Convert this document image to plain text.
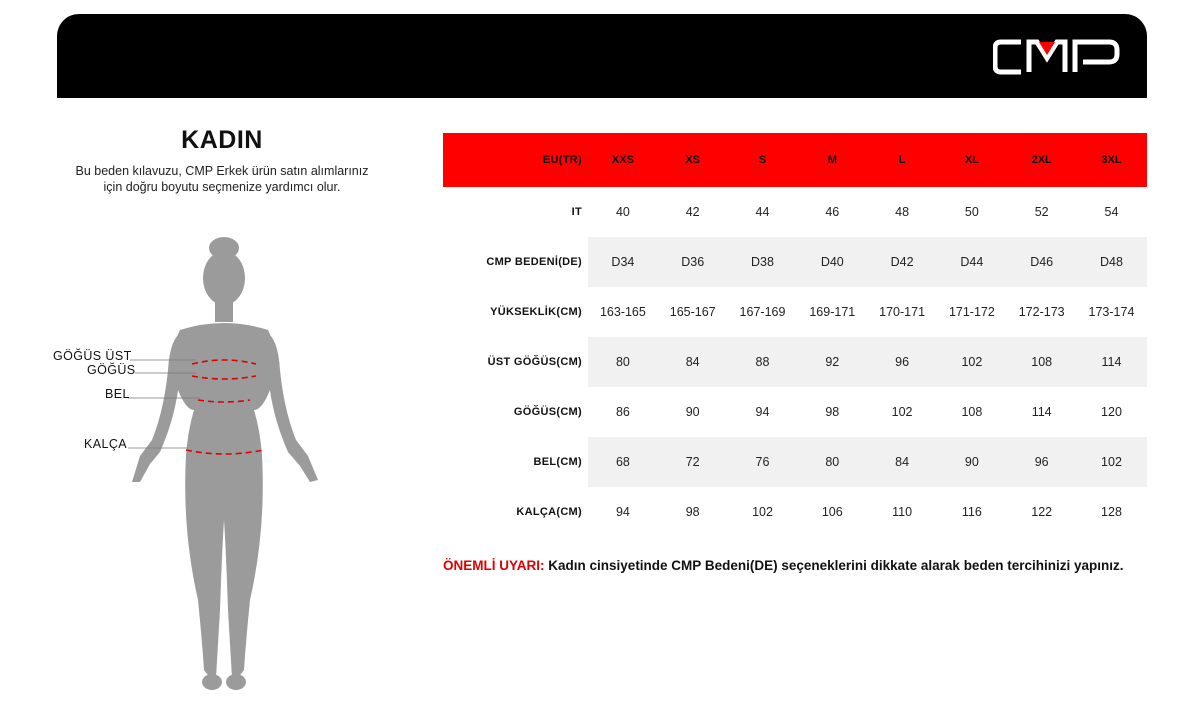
KADIN
Bu beden kılavuzu, CMP Erkek ürün satın alımlarınız
için doğru boyutu seçmenize yardımcı olur.
GÖĞÜS ÜST
GÖĞÜS
BEL
KALÇA
EU(TR)	XXS	XS	S	M	L	XL	2XL	3XL
IT	40	42	44	46	48	50	52	54
CMP BEDENİ(DE)	D34	D36	D38	D40	D42	D44	D46	D48
YÜKSEKLİK(CM)	163-165	165-167	167-169	169-171	170-171	171-172	172-173	173-174
ÜST GÖĞÜS(CM)	80	84	88	92	96	102	108	114
GÖĞÜS(CM)	86	90	94	98	102	108	114	120
BEL(CM)	68	72	76	80	84	90	96	102
KALÇA(CM)	94	98	102	106	110	116	122	128
ÖNEMLİ UYARI: Kadın cinsiyetinde CMP Bedeni(DE) seçeneklerini dikkate alarak beden tercihinizi yapınız.
